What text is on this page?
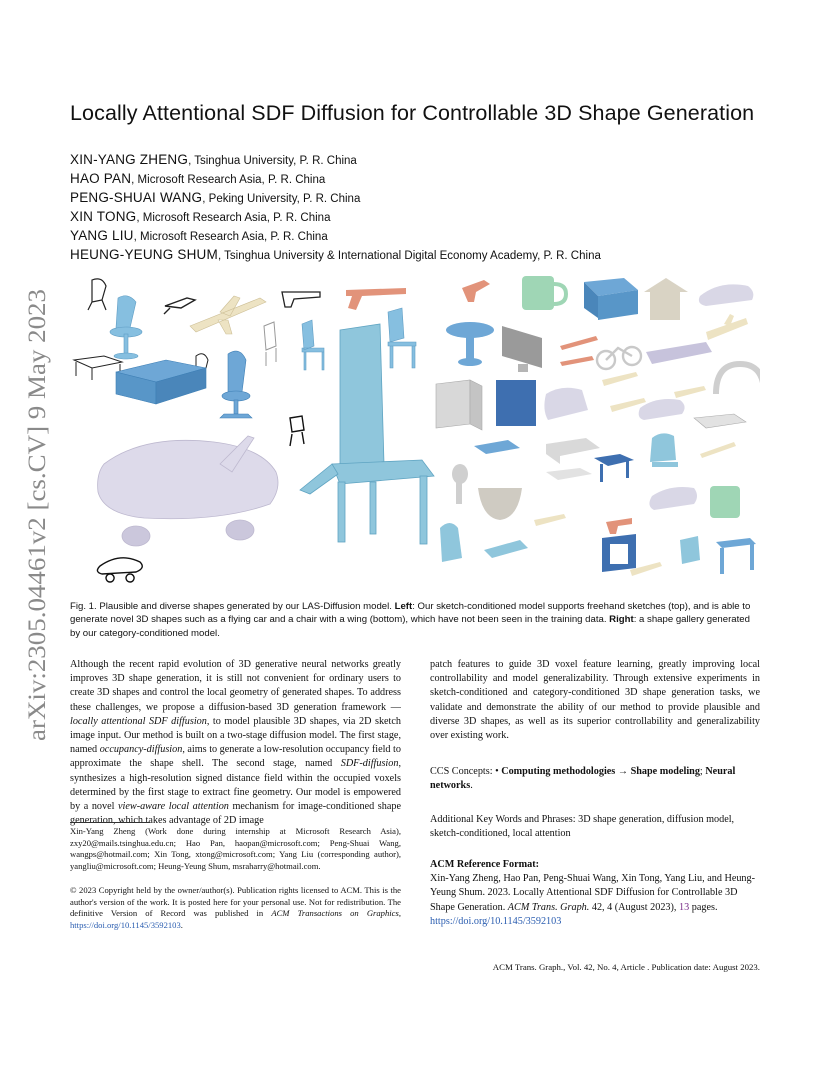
arXiv:2305.04461v2 [cs.CV] 9 May 2023
Locally Attentional SDF Diffusion for Controllable 3D Shape Generation
XIN-YANG ZHENG, Tsinghua University, P. R. China
HAO PAN, Microsoft Research Asia, P. R. China
PENG-SHUAI WANG, Peking University, P. R. China
XIN TONG, Microsoft Research Asia, P. R. China
YANG LIU, Microsoft Research Asia, P. R. China
HEUNG-YEUNG SHUM, Tsinghua University & International Digital Economy Academy, P. R. China
Fig. 1. Plausible and diverse shapes generated by our LAS-Diffusion model. Left: Our sketch-conditioned model supports freehand sketches (top), and is able to generate novel 3D shapes such as a flying car and a chair with a wing (bottom), which have not been seen in the training data. Right: a shape gallery generated by our category-conditioned model.

Although the recent rapid evolution of 3D generative neural networks greatly improves 3D shape generation, it is still not convenient for ordinary users to create 3D shapes and control the local geometry of generated shapes. To address these challenges, we propose a diffusion-based 3D generation framework — locally attentional SDF diffusion, to model plausible 3D shapes, via 2D sketch image input. Our method is built on a two-stage diffusion model. The first stage, named occupancy-diffusion, aims to generate a low-resolution occupancy field to approximate the shape shell. The second stage, named SDF-diffusion, synthesizes a high-resolution signed distance field within the occupied voxels determined by the first stage to extract fine geometry. Our model is empowered by a novel view-aware local attention mechanism for image-conditioned shape generation, which takes advantage of 2D image

Xin-Yang Zheng (Work done during internship at Microsoft Research Asia), zxy20@mails.tsinghua.edu.cn; Hao Pan, haopan@microsoft.com; Peng-Shuai Wang, wangps@hotmail.com; Xin Tong, xtong@microsoft.com; Yang Liu (corresponding author), yangliu@microsoft.com; Heung-Yeung Shum, msraharry@hotmail.com.
© 2023 Copyright held by the owner/author(s). Publication rights licensed to ACM. This is the author's version of the work. It is posted here for your personal use. Not for redistribution. The definitive Version of Record was published in ACM Transactions on Graphics, https://doi.org/10.1145/3592103.

patch features to guide 3D voxel feature learning, greatly improving local controllability and model generalizability. Through extensive experiments in sketch-conditioned and category-conditioned 3D shape generation tasks, we validate and demonstrate the ability of our method to provide plausible and diverse 3D shapes, as well as its superior controllability and generalizability over existing work.

CCS Concepts: • Computing methodologies → Shape modeling; Neural networks.

Additional Key Words and Phrases: 3D shape generation, diffusion model, sketch-conditioned, local attention

ACM Reference Format:

Xin-Yang Zheng, Hao Pan, Peng-Shuai Wang, Xin Tong, Yang Liu, and Heung-Yeung Shum. 2023. Locally Attentional SDF Diffusion for Controllable 3D Shape Generation. ACM Trans. Graph. 42, 4 (August 2023), 13 pages. https://doi.org/10.1145/3592103

ACM Trans. Graph., Vol. 42, No. 4, Article . Publication date: August 2023.
